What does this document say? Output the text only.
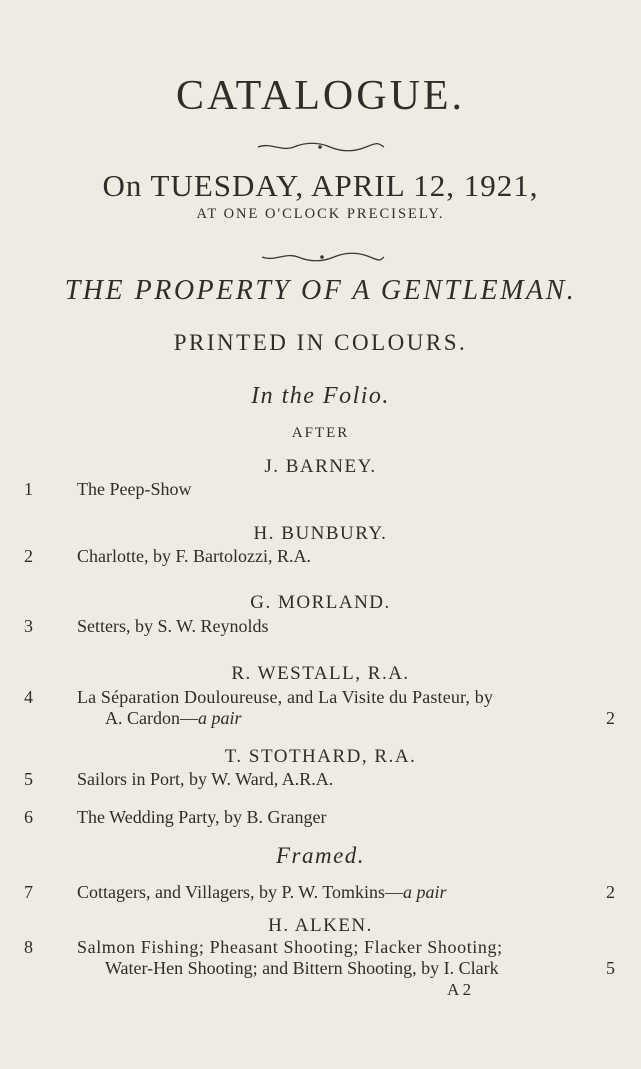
CATALOGUE.
On TUESDAY, APRIL 12, 1921,
AT ONE O'CLOCK PRECISELY.
THE PROPERTY OF A GENTLEMAN.
PRINTED IN COLOURS.
In the Folio.
AFTER
J. BARNEY.
1	The Peep-Show
H. BUNBURY.
2	Charlotte, by F. Bartolozzi, R.A.
G. MORLAND.
3	Setters, by S. W. Reynolds
R. WESTALL, R.A.
4	La Séparation Douloureuse, and La Visite du Pasteur, by
A. Cardon—a pair	2
T. STOTHARD, R.A.
5	Sailors in Port, by W. Ward, A.R.A.
6	The Wedding Party, by B. Granger
Framed.
7	Cottagers, and Villagers, by P. W. Tomkins—a pair	2
H. ALKEN.
8	Salmon Fishing; Pheasant Shooting; Flacker Shooting;
Water-Hen Shooting; and Bittern Shooting, by I. Clark	5
A 2
